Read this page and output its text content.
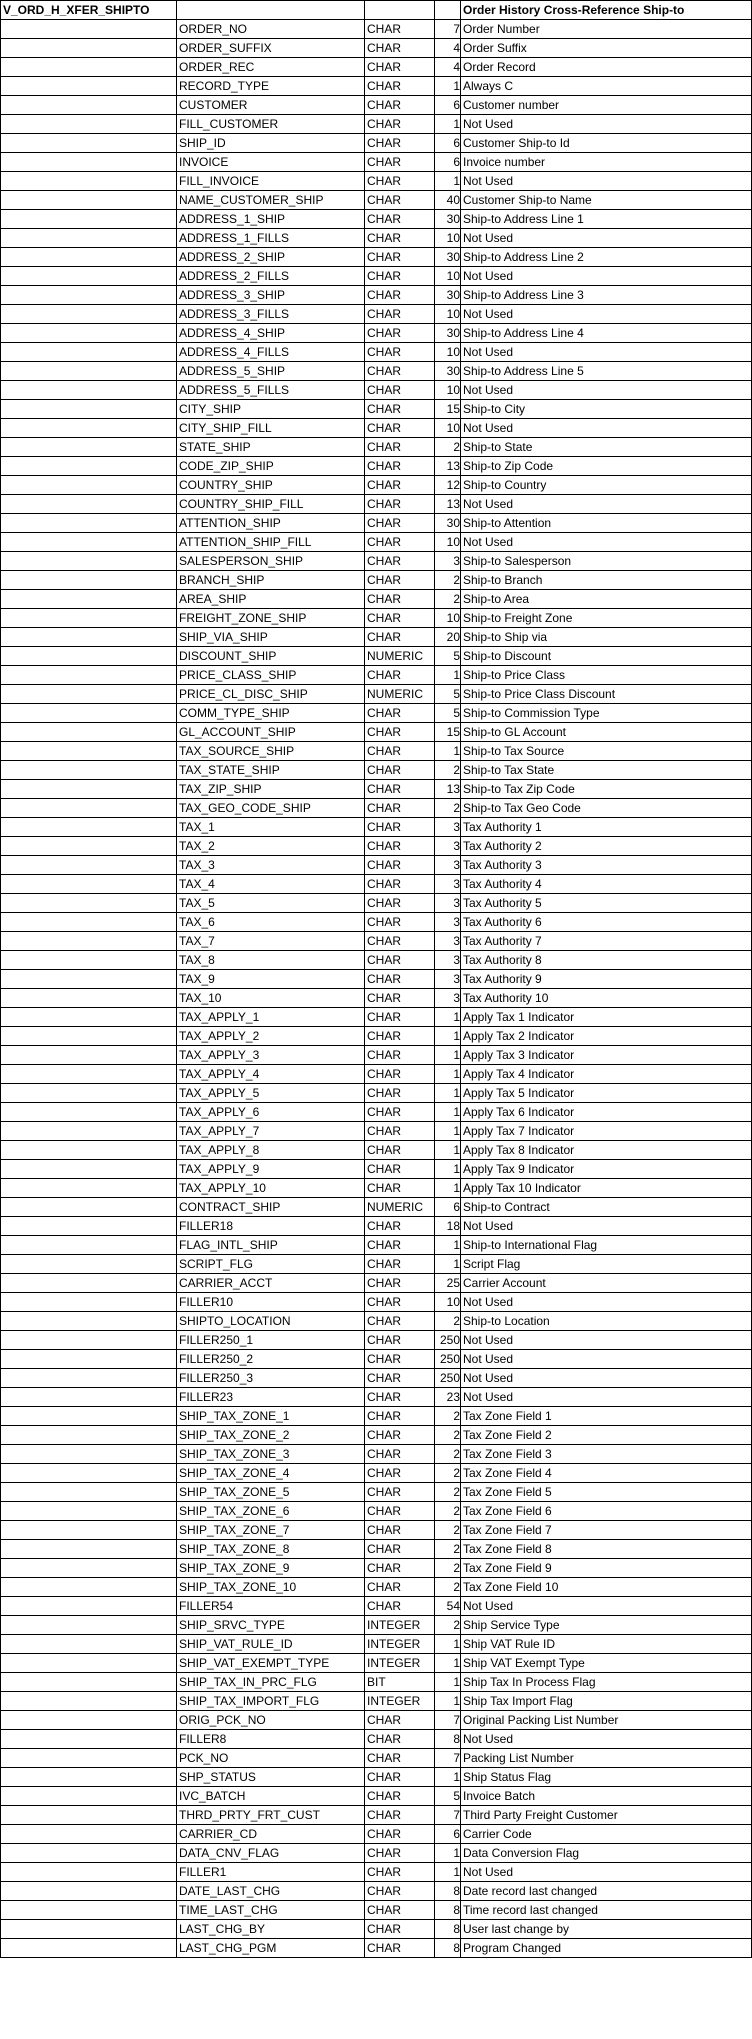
V_ORD_H_XFER_SHIPTO				Order History Cross-Reference Ship-to
	ORDER_NO	CHAR	7	Order Number
	ORDER_SUFFIX	CHAR	4	Order Suffix
	ORDER_REC	CHAR	4	Order Record
	RECORD_TYPE	CHAR	1	Always C
	CUSTOMER	CHAR	6	Customer number
	FILL_CUSTOMER	CHAR	1	Not Used
	SHIP_ID	CHAR	6	Customer Ship-to Id
	INVOICE	CHAR	6	Invoice number
	FILL_INVOICE	CHAR	1	Not Used
	NAME_CUSTOMER_SHIP	CHAR	40	Customer Ship-to Name
	ADDRESS_1_SHIP	CHAR	30	Ship-to Address Line 1
	ADDRESS_1_FILLS	CHAR	10	Not Used
	ADDRESS_2_SHIP	CHAR	30	Ship-to Address Line 2
	ADDRESS_2_FILLS	CHAR	10	Not Used
	ADDRESS_3_SHIP	CHAR	30	Ship-to Address Line 3
	ADDRESS_3_FILLS	CHAR	10	Not Used
	ADDRESS_4_SHIP	CHAR	30	Ship-to Address Line 4
	ADDRESS_4_FILLS	CHAR	10	Not Used
	ADDRESS_5_SHIP	CHAR	30	Ship-to Address Line 5
	ADDRESS_5_FILLS	CHAR	10	Not Used
	CITY_SHIP	CHAR	15	Ship-to City
	CITY_SHIP_FILL	CHAR	10	Not Used
	STATE_SHIP	CHAR	2	Ship-to State
	CODE_ZIP_SHIP	CHAR	13	Ship-to Zip Code
	COUNTRY_SHIP	CHAR	12	Ship-to Country
	COUNTRY_SHIP_FILL	CHAR	13	Not Used
	ATTENTION_SHIP	CHAR	30	Ship-to Attention
	ATTENTION_SHIP_FILL	CHAR	10	Not Used
	SALESPERSON_SHIP	CHAR	3	Ship-to Salesperson
	BRANCH_SHIP	CHAR	2	Ship-to Branch
	AREA_SHIP	CHAR	2	Ship-to Area
	FREIGHT_ZONE_SHIP	CHAR	10	Ship-to Freight Zone
	SHIP_VIA_SHIP	CHAR	20	Ship-to Ship via
	DISCOUNT_SHIP	NUMERIC	5	Ship-to Discount
	PRICE_CLASS_SHIP	CHAR	1	Ship-to Price Class
	PRICE_CL_DISC_SHIP	NUMERIC	5	Ship-to Price Class Discount
	COMM_TYPE_SHIP	CHAR	5	Ship-to Commission Type
	GL_ACCOUNT_SHIP	CHAR	15	Ship-to GL Account
	TAX_SOURCE_SHIP	CHAR	1	Ship-to Tax Source
	TAX_STATE_SHIP	CHAR	2	Ship-to Tax State
	TAX_ZIP_SHIP	CHAR	13	Ship-to Tax Zip Code
	TAX_GEO_CODE_SHIP	CHAR	2	Ship-to Tax Geo Code
	TAX_1	CHAR	3	Tax Authority 1
	TAX_2	CHAR	3	Tax Authority 2
	TAX_3	CHAR	3	Tax Authority 3
	TAX_4	CHAR	3	Tax Authority 4
	TAX_5	CHAR	3	Tax Authority 5
	TAX_6	CHAR	3	Tax Authority 6
	TAX_7	CHAR	3	Tax Authority 7
	TAX_8	CHAR	3	Tax Authority 8
	TAX_9	CHAR	3	Tax Authority 9
	TAX_10	CHAR	3	Tax Authority 10
	TAX_APPLY_1	CHAR	1	Apply Tax 1 Indicator
	TAX_APPLY_2	CHAR	1	Apply Tax 2 Indicator
	TAX_APPLY_3	CHAR	1	Apply Tax 3 Indicator
	TAX_APPLY_4	CHAR	1	Apply Tax 4 Indicator
	TAX_APPLY_5	CHAR	1	Apply Tax 5 Indicator
	TAX_APPLY_6	CHAR	1	Apply Tax 6 Indicator
	TAX_APPLY_7	CHAR	1	Apply Tax 7 Indicator
	TAX_APPLY_8	CHAR	1	Apply Tax 8 Indicator
	TAX_APPLY_9	CHAR	1	Apply Tax 9 Indicator
	TAX_APPLY_10	CHAR	1	Apply Tax 10 Indicator
	CONTRACT_SHIP	NUMERIC	6	Ship-to Contract
	FILLER18	CHAR	18	Not Used
	FLAG_INTL_SHIP	CHAR	1	Ship-to International Flag
	SCRIPT_FLG	CHAR	1	Script Flag
	CARRIER_ACCT	CHAR	25	Carrier Account
	FILLER10	CHAR	10	Not Used
	SHIPTO_LOCATION	CHAR	2	Ship-to Location
	FILLER250_1	CHAR	250	Not Used
	FILLER250_2	CHAR	250	Not Used
	FILLER250_3	CHAR	250	Not Used
	FILLER23	CHAR	23	Not Used
	SHIP_TAX_ZONE_1	CHAR	2	Tax Zone Field 1
	SHIP_TAX_ZONE_2	CHAR	2	Tax Zone Field 2
	SHIP_TAX_ZONE_3	CHAR	2	Tax Zone Field 3
	SHIP_TAX_ZONE_4	CHAR	2	Tax Zone Field 4
	SHIP_TAX_ZONE_5	CHAR	2	Tax Zone Field 5
	SHIP_TAX_ZONE_6	CHAR	2	Tax Zone Field 6
	SHIP_TAX_ZONE_7	CHAR	2	Tax Zone Field 7
	SHIP_TAX_ZONE_8	CHAR	2	Tax Zone Field 8
	SHIP_TAX_ZONE_9	CHAR	2	Tax Zone Field 9
	SHIP_TAX_ZONE_10	CHAR	2	Tax Zone Field 10
	FILLER54	CHAR	54	Not Used
	SHIP_SRVC_TYPE	INTEGER	2	Ship Service Type
	SHIP_VAT_RULE_ID	INTEGER	1	Ship VAT Rule ID
	SHIP_VAT_EXEMPT_TYPE	INTEGER	1	Ship VAT Exempt Type
	SHIP_TAX_IN_PRC_FLG	BIT	1	Ship Tax In Process Flag
	SHIP_TAX_IMPORT_FLG	INTEGER	1	Ship Tax Import Flag
	ORIG_PCK_NO	CHAR	7	Original Packing List Number
	FILLER8	CHAR	8	Not Used
	PCK_NO	CHAR	7	Packing List Number
	SHP_STATUS	CHAR	1	Ship Status Flag
	IVC_BATCH	CHAR	5	Invoice Batch
	THRD_PRTY_FRT_CUST	CHAR	7	Third Party Freight Customer
	CARRIER_CD	CHAR	6	Carrier Code
	DATA_CNV_FLAG	CHAR	1	Data Conversion Flag
	FILLER1	CHAR	1	Not Used
	DATE_LAST_CHG	CHAR	8	Date record last changed
	TIME_LAST_CHG	CHAR	8	Time record last changed
	LAST_CHG_BY	CHAR	8	User last change by
	LAST_CHG_PGM	CHAR	8	Program Changed
